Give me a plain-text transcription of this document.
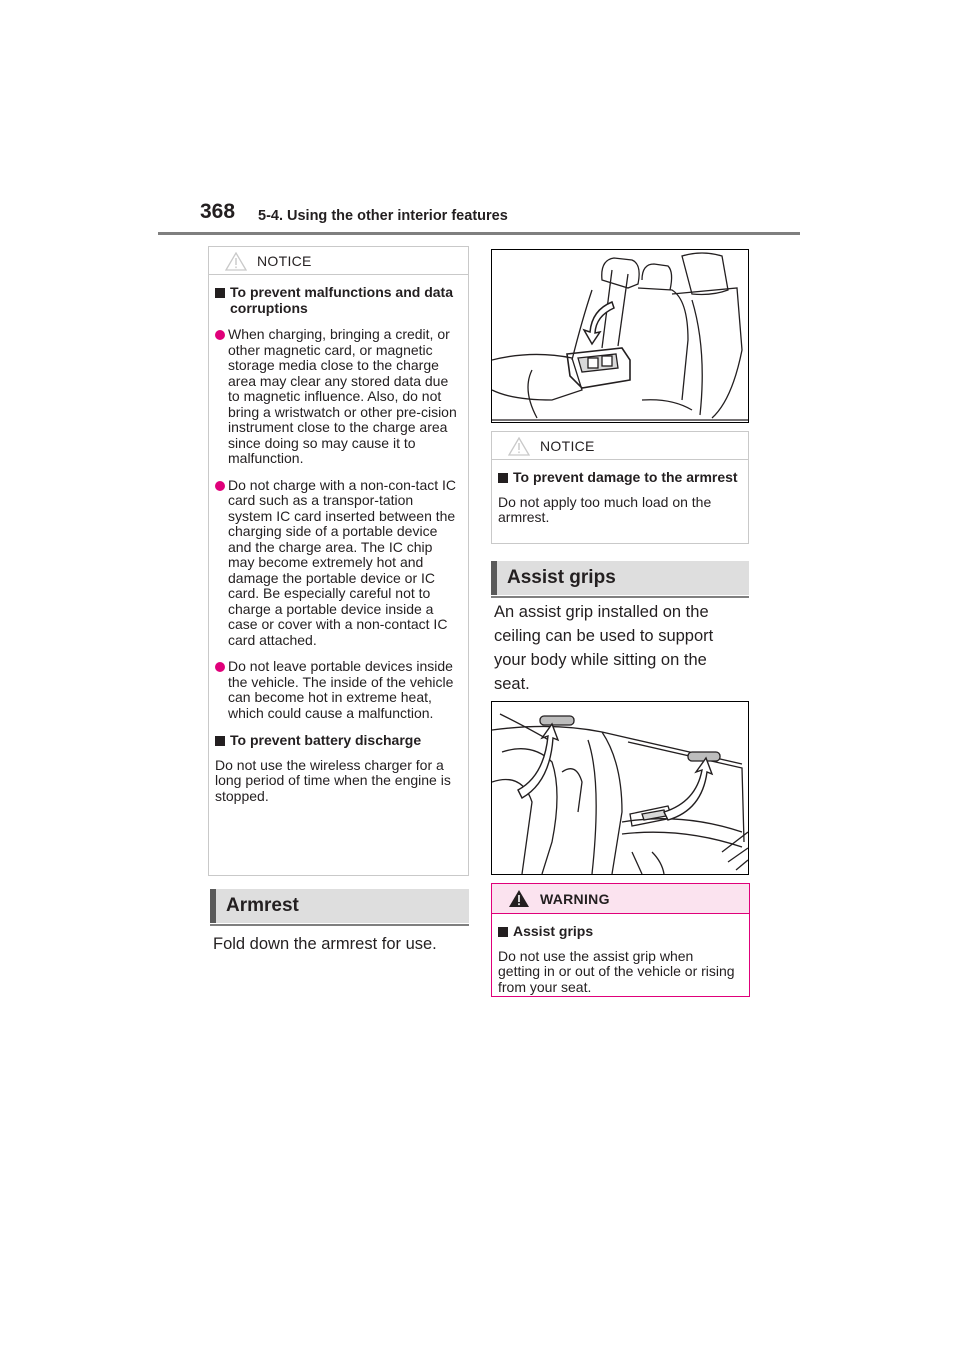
368 5-4. Using the other interior features
NOTICE
To prevent malfunctions and data corruptions
When charging, bringing a credit, or other magnetic card, or magnetic storage media close to the charge area may clear any stored data due to magnetic influence. Also, do not bring a wristwatch or other pre-cision instrument close to the charge area since doing so may cause it to malfunction.
Do not charge with a non-con-tact IC card such as a transpor-tation system IC card inserted between the charging side of a portable device and the charge area. The IC chip may become extremely hot and damage the portable device or IC card. Be especially careful not to charge a portable device inside a case or cover with a non-contact IC card attached.
Do not leave portable devices inside the vehicle. The inside of the vehicle can become hot in extreme heat, which could cause a malfunction.
To prevent battery discharge
Do not use the wireless charger for a long period of time when the engine is stopped.
Armrest
Fold down the armrest for use.
NOTICE
To prevent damage to the armrest
Do not apply too much load on the armrest.
Assist grips
An assist grip installed on the ceiling can be used to support your body while sitting on the seat.
WARNING
Assist grips
Do not use the assist grip when getting in or out of the vehicle or rising from your seat.
